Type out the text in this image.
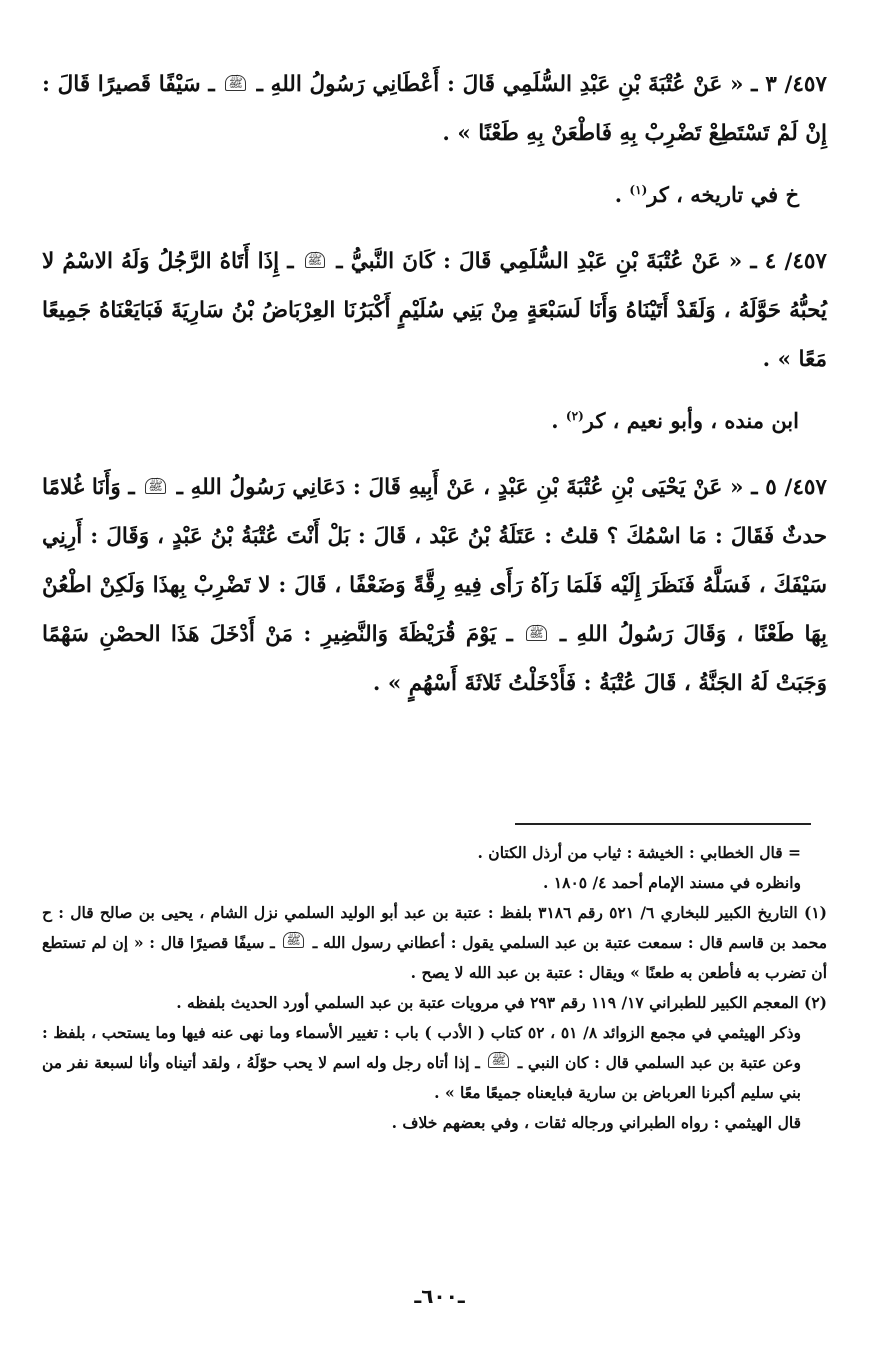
٤٥٧/ ٣ ـ « عَنْ عُتْبَةَ بْنِ عَبْدِ السُّلَمِي قَالَ : أَعْطَانِي رَسُولُ اللهِ ـ ﷺ ـ سَيْفًا قَصيرًا قَالَ : إِنْ لَمْ تَسْتَطِعْ تَضْرِبْ بِهِ فَاطْعَنْ بِهِ طَعْنًا » .

خ في تاريخه ، كر$^{(١)}$ .

٤٥٧/ ٤ ـ « عَنْ عُتْبَةَ بْنِ عَبْدِ السُّلَمِي قَالَ : كَانَ النَّبيُّ ـ ﷺ ـ إِذَا أَتَاهُ الرَّجُلُ وَلَهُ الاسْمُ لا يُحبُّهُ حَوَّلَهُ ، وَلَقَدْ أَتَيْنَاهُ وَأَنَا لَسَبْعَةٍ مِنْ بَنِي سُلَيْمٍ أَكْبَرُنَا العِرْبَاضُ بْنُ سَارِيَةَ فَبَايَعْنَاهُ جَمِيعًا مَعًا » .

ابن منده ، وأبو نعيم ، كر$^{(٢)}$ .

٤٥٧/ ٥ ـ « عَنْ يَحْيَى بْنِ عُتْبَةَ بْنِ عَبْدٍ ، عَنْ أَبِيهِ قَالَ : دَعَانِي رَسُولُ اللهِ ـ ﷺ ـ وَأَنَا غُلامًا حدثٌ فَقَالَ : مَا اسْمُكَ ؟ قلتُ : عَتَلَةُ بْنُ عَبْد ، قَالَ : بَلْ أَنْتَ عُتْبَةُ بْنُ عَبْدٍ ، وَقَالَ : أَرِنِي سَيْفَكَ ، فَسَلَّهُ فَنَظَرَ إِلَيْه فَلَمَا رَآهُ رَأَى فِيهِ رِقَّةً وَضَعْفًا ، قَالَ : لا تَضْرِبْ بِهذَا وَلَكِنْ اطْعُنْ بِهَا طَعْنًا ، وَقَالَ رَسُولُ اللهِ ـ ﷺ ـ يَوْمَ قُرَيْظَةَ وَالنَّضِيرِ : مَنْ أَدْخَلَ هَذَا الحصْنِ سَهْمًا وَجَبَتْ لَهُ الجَنَّةُ ، قَالَ عُتْبَةُ : فَأَدْخَلْتُ ثَلاثَةَ أَسْهُمٍ » .

= قال الخطابي : الخيشة : ثياب من أرذل الكتان .

وانظره في مسند الإمام أحمد ٤/ ١٨٠٥ .

(١) التاريخ الكبير للبخاري ٦/ ٥٢١ رقم ٣١٨٦ بلفظ : عتبة بن عبد أبو الوليد السلمي نزل الشام ، يحيى بن صالح قال : ح محمد بن قاسم قال : سمعت عتبة بن عبد السلمي يقول : أعطاني رسول الله ـ ﷺ ـ سيفًا قصيرًا قال : « إن لم تستطع أن تضرب به فأطعن به طعنًا » ويقال : عتبة بن عبد الله لا يصح .

(٢) المعجم الكبير للطبراني ١٧/ ١١٩ رقم ٢٩٣ في مرويات عتبة بن عبد السلمي أورد الحديث بلفظه .

وذكر الهيثمي في مجمع الزوائد ٨/ ٥١ ، ٥٢ كتاب ( الأدب ) باب : تغيير الأسماء وما نهى عنه فيها وما يستحب ، بلفظ : وعن عتبة بن عبد السلمي قال : كان النبي ـ ﷺ ـ إذا أتاه رجل وله اسم لا يحب حوّلَهُ ، ولقد أتيناه وأنا لسبعة نفر من بني سليم أكبرنا العرباض بن سارية فبايعناه جميعًا معًا » .

قال الهيثمي : رواه الطبراني ورجاله ثقات ، وفي بعضهم خلاف .

ـ٦٠٠ـ
